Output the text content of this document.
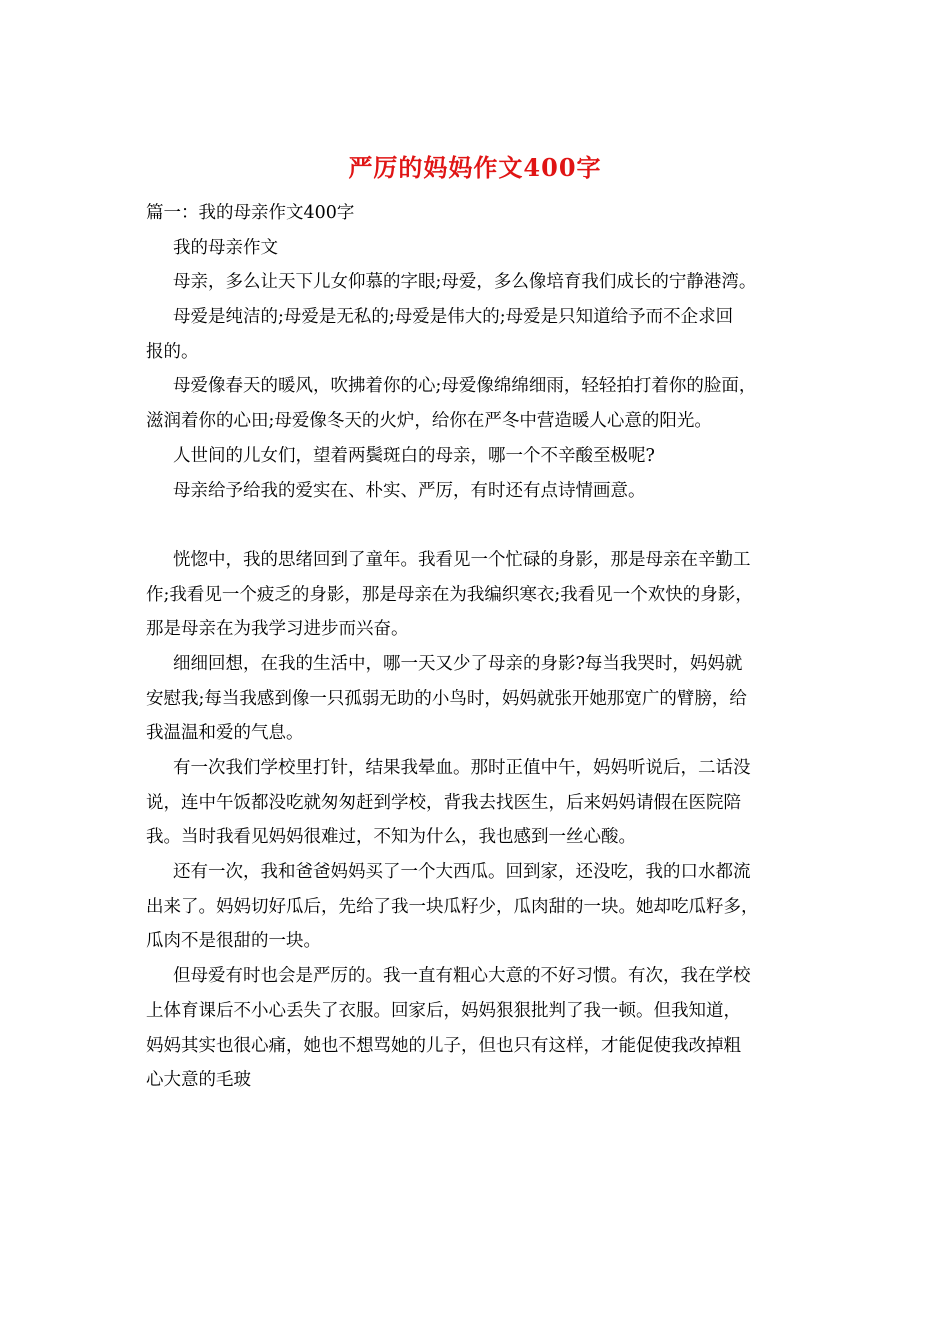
严厉的妈妈作文400字
篇一：我的母亲作文400字
我的母亲作文
母亲，多么让天下儿女仰慕的字眼;母爱，多么像培育我们成长的宁静港湾。
母爱是纯洁的;母爱是无私的;母爱是伟大的;母爱是只知道给予而不企求回
报的。
母爱像春天的暖风，吹拂着你的心;母爱像绵绵细雨，轻轻拍打着你的脸面，
滋润着你的心田;母爱像冬天的火炉，给你在严冬中营造暖人心意的阳光。
人世间的儿女们，望着两鬓斑白的母亲，哪一个不辛酸至极呢?
母亲给予给我的爱实在、朴实、严厉，有时还有点诗情画意。
恍惚中，我的思绪回到了童年。我看见一个忙碌的身影，那是母亲在辛勤工
作;我看见一个疲乏的身影，那是母亲在为我编织寒衣;我看见一个欢快的身影，
那是母亲在为我学习进步而兴奋。
细细回想，在我的生活中，哪一天又少了母亲的身影?每当我哭时，妈妈就
安慰我;每当我感到像一只孤弱无助的小鸟时，妈妈就张开她那宽广的臂膀，给
我温温和爱的气息。
有一次我们学校里打针，结果我晕血。那时正值中午，妈妈听说后，二话没
说，连中午饭都没吃就匆匆赶到学校，背我去找医生，后来妈妈请假在医院陪
我。当时我看见妈妈很难过，不知为什么，我也感到一丝心酸。
还有一次，我和爸爸妈妈买了一个大西瓜。回到家，还没吃，我的口水都流
出来了。妈妈切好瓜后，先给了我一块瓜籽少，瓜肉甜的一块。她却吃瓜籽多，
瓜肉不是很甜的一块。
但母爱有时也会是严厉的。我一直有粗心大意的不好习惯。有次，我在学校
上体育课后不小心丢失了衣服。回家后，妈妈狠狠批判了我一顿。但我知道，
妈妈其实也很心痛，她也不想骂她的儿子，但也只有这样，才能促使我改掉粗
心大意的毛玻
